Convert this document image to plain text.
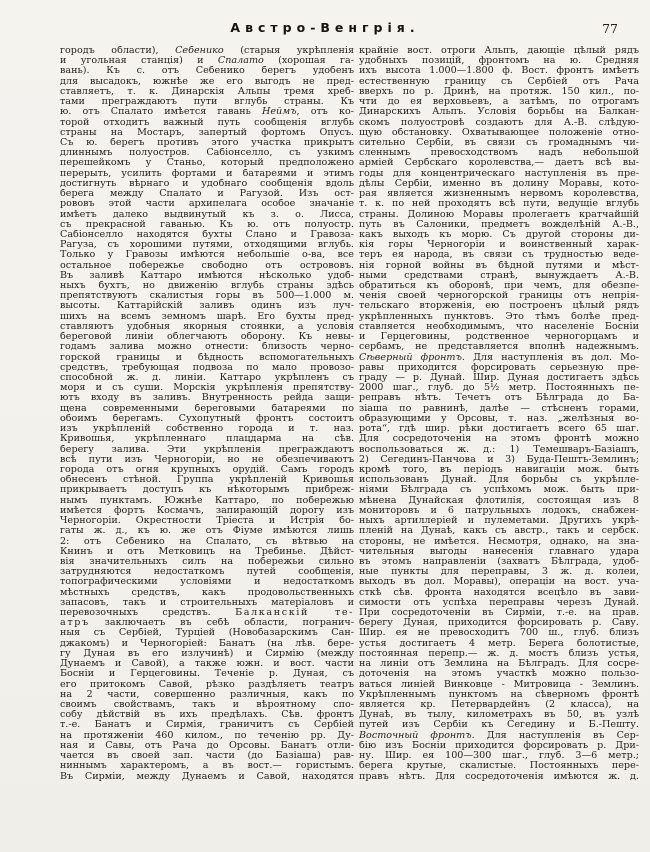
Австро-Венгрія.	77
городъ области), Себенико (старыя укрѣпленія
и угольная станція) и Спалато (хорошая га-
вань). Къ с. отъ Себенико берегъ удобенъ
для высадокъ, южнѣе же его выгодъ не пред-
ставляетъ, т. к. Динарскія Альпы тремя хреб-
тами преграждаютъ пути вглубь страны. Къ
ю. отъ Спалато имѣется гавань Неймъ, отъ ко-
торой отходитъ важный путь сообщенія вглубь
страны на Мостаръ, запертый фортомъ Опусъ.
Съ ю. берегъ противъ этого участка прикрытъ
длиннымъ полуостров. Сабіонселло, съ узкимъ
перешейкомъ у Станьо, который предположено
перерыть, усилить фортами и батареями и этимъ
достигнуть вѣрнаго и удобнаго сообщенія вдоль
берега между Спалато и Рагузой. Изъ ост-
рововъ этой части архипелага особое значаніе
имѣетъ далеко выдвинутый къ з. о. Лисса,
съ прекрасной гаванью. Къ ю. отъ полуостр.
Сабіонселло находятся бухты Слано и Гравоза-
Рагуза, съ хорошими путями, отходящими вглубь.
Только у Гравозы имѣются небольшіе о-ва, все
остальное побережье свободно отъ острововъ.
Въ заливѣ Каттаро имѣются нѣсколько удоб-
ныхъ бухтъ, но движенію вглубь страны здѣсь
препятствуютъ скалистыя горы въ 500—1.000 м.
высоты. Каттарійскій заливъ одинъ изъ луч-
шихъ на всемъ земномъ шарѣ. Его бухты пред-
ставляютъ удобныя якорныя стоянки, а условія
береговой линіи облегчаютъ оборону. Къ невы-
годамъ залива можно отнести: близость черно-
горской границы и бѣдность вспомогательныхъ
средствъ, требующая подвоза по мало провозо-
способной ж. д. линіи. Каттаро укрѣпленъ съ
моря и съ суши. Морскія укрѣпленія препятству-
ютъ входу въ заливъ. Внутренность рейда защи-
щена современными береговыми батареями по
обоимъ берегамъ. Сухопутный фронтъ состоитъ
изъ укрѣпленій собственно города и т. наз.
Кривошья, укрѣпленнаго плацдарма на сѣв.
берегу залива. Эти укрѣпленія преграждаютъ
всѣ пути изъ Черногоріи, но не обезпечиваютъ
города отъ огня крупныхъ орудій. Самъ городъ
обнесенъ стѣной. Группа укрѣпленій Кривошья
прикрываетъ доступъ къ нѣкоторымъ прибреж-
нымъ пунктамъ. Южнѣе Каттаро, по побережью
имѣется фортъ Космачъ, запирающій дорогу изъ
Черногоріи. Окрестности Тріеста и Истрія бо-
гаты ж. д., къ ю. же отъ Фіуме имѣются лишь
2: отъ Себенико на Спалато, съ вѣтвью на
Книнъ и отъ Метковицъ на Требинье. Дѣйст-
вія значительныхъ силъ на побережьи сильно
затрудняются недостаткомъ путей сообщенія,
топографическими условіями и недостаткомъ
мѣстныхъ средствъ, какъ продовольственныхъ
запасовъ, такъ и строительныхъ матеріаловъ и
перевозочныхъ средствъ. Балканскій те-
атръ заключаетъ въ себѣ области, погранич-
ныя съ Сербіей, Турціей (Новобазарскимъ Сан-
джакомъ) и Черногоріей: Банатъ (на лѣв. бере-
гу Дуная въ его излучинѣ) и Сирмію (между
Дунаемъ и Савой), а также южн. и вост. части
Босніи и Герцеговины. Теченіе р. Дуная, съ
его притокомъ Савой, рѣзко раздѣляетъ театръ
на 2 части, совершенно различныя, какъ по
своимъ свойствамъ, такъ и вѣроятному спо-
собу дѣйствій въ ихъ предѣлахъ. Сѣв. фронтъ
т.-е. Банатъ и Сирмія, граничитъ съ Сербіей
на протяженіи 460 килом., по теченію рр. Ду-
ная и Савы, отъ Рача до Орсовы. Банатъ отли-
чается въ своей зап. части (до Базіаша) рав-
ниннымъ характеромъ, а въ вост.— гористымъ.
Въ Сирміи, между Дунаемъ и Савой, находятся
крайніе вост. отроги Альпъ, дающіе цѣлый рядъ
удобныхъ позицій, фронтомъ на ю. Средняя
ихъ высота 1.000—1.800 ф. Вост. фронтъ имѣетъ
естественную границу съ Сербіей отъ Рача
вверхъ по р. Дринѣ, на протяж. 150 кил., по-
чти до ея верховьевъ, а затѣмъ, по отрогамъ
Динарскихъ Альпъ. Условія борьбы на Балкан-
скомъ полуостровѣ создаютъ для А.-В. слѣдую-
щую обстановку. Охватывающее положеніе отно-
сительно Сербіи, въ связи съ громаднымъ чи-
сленнымъ превосходствомъ надъ небольшой
арміей Сербскаго королевства,— даетъ всѣ вы-
годы для концентрическаго наступленія въ пре-
дѣлы Сербіи, именно въ долину Моравы, кото-
рая является жизненнымъ нервомъ королевства,
т. к. по ней проходятъ всѣ пути, ведущіе вглубь
страны. Долиною Моравы пролегаетъ кратчайшій
путь въ Салоники, предметъ вожделѣній А.-В.,
какъ выходъ къ морю. Съ другой стороны ди-
кія горы Черногоріи и воинственный харак-
теръ ея народа, въ связи съ трудностью веде-
нія горной войны въ бѣдной путями и мѣст-
ными средствами странѣ, вынуждаетъ А.-В.
обратиться къ оборонѣ, при чемъ, для обезпе-
ченія своей черногорской границы отъ непрія-
тельскаго вторженія, ею построенъ цѣлый рядъ
укрѣпленныхъ пунктовъ. Это тѣмъ болѣе пред-
ставляется необходимымъ, что населеніе Босніи
и Герцеговины, родственное черногорцамъ и
сербамъ, не представляется вполнѣ надежнымъ.
Сѣверный фронтъ. Для наступленія въ дол. Мо-
равы приходится форсировать серьезную пре-
граду — р. Дунай. Шир. Дуная достигаетъ здѣсь
2000 шаг., глуб. до 5½ метр. Постоянныхъ пе-
реправъ нѣтъ. Течетъ отъ Бѣлграда до Ба-
зіаша по равнинѣ, далѣе — стѣсненъ горами,
образующими у Орсовы, т. наз. „желѣзныя во-
рота“, гдѣ шир. рѣки достигаетъ всего 65 шаг.
Для сосредоточенія на этомъ фронтѣ можно
воспользоваться ж. д.: 1) Темешваръ-Базіашъ,
2) Сегединъ-Панчова и 3) Буда-Пештъ-Землинъ;
кромѣ того, въ періодъ навигаціи мож. быть
использованъ Дунай. Для борьбы съ укрѣпле-
ніями Бѣлграда съ успѣхомъ мож. быть при-
мѣнена Дунайская флотилія, состоящая изъ 8
мониторовъ и 6 патрульныхъ лодокъ, снабжен-
ныхъ артиллеріей и пулеметами. Другихъ укрѣ-
пленій на Дунаѣ, какъ съ австр., такъ и сербск.
стороны, не имѣется. Несмотря, однако, на зна-
чительныя выгоды нанесенія главнаго удара
въ этомъ направленіи (захватъ Бѣлграда, удоб-
ные пункты для переправы, 3 ж. д. колеи,
выходъ въ дол. Моравы), операціи на вост. уча-
сткѣ сѣв. фронта находятся всецѣло въ зави-
симости отъ успѣха переправы черезъ Дунай.
При сосредоточеніи въ Сирміи, т.-е. на прав.
берегу Дуная, приходится форсировать р. Саву.
Шир. ея не превосходитъ 700 ш., глуб. близъ
устья достигаетъ 4 метр. Берега болотистые,
постоянная перепр.— ж. д. мостъ близъ устья,
на линіи отъ Землина на Бѣлградъ. Для сосре-
доточенія на этомъ участкѣ можно пользо-
ваться линіей Винковце - Митровица - Землинъ.
Укрѣпленнымъ пунктомъ на сѣверномъ фронтѣ
является кр. Петервардейнъ (2 класса), на
Дунаѣ, въ тылу, километрахъ въ 50, въ узлѣ
путей изъ Сербіи къ Сегедину и Б.-Пешту.
Восточный фронтъ. Для наступленія въ Сер-
бію изъ Босніи приходится форсировать р. Дри-
ну. Шир. ея 100—300 шаг., глуб. 3—6 метр.;
берега крутые, скалистые. Постоянныхъ пере-
правъ нѣтъ. Для сосредоточенія имѣются ж. д.
